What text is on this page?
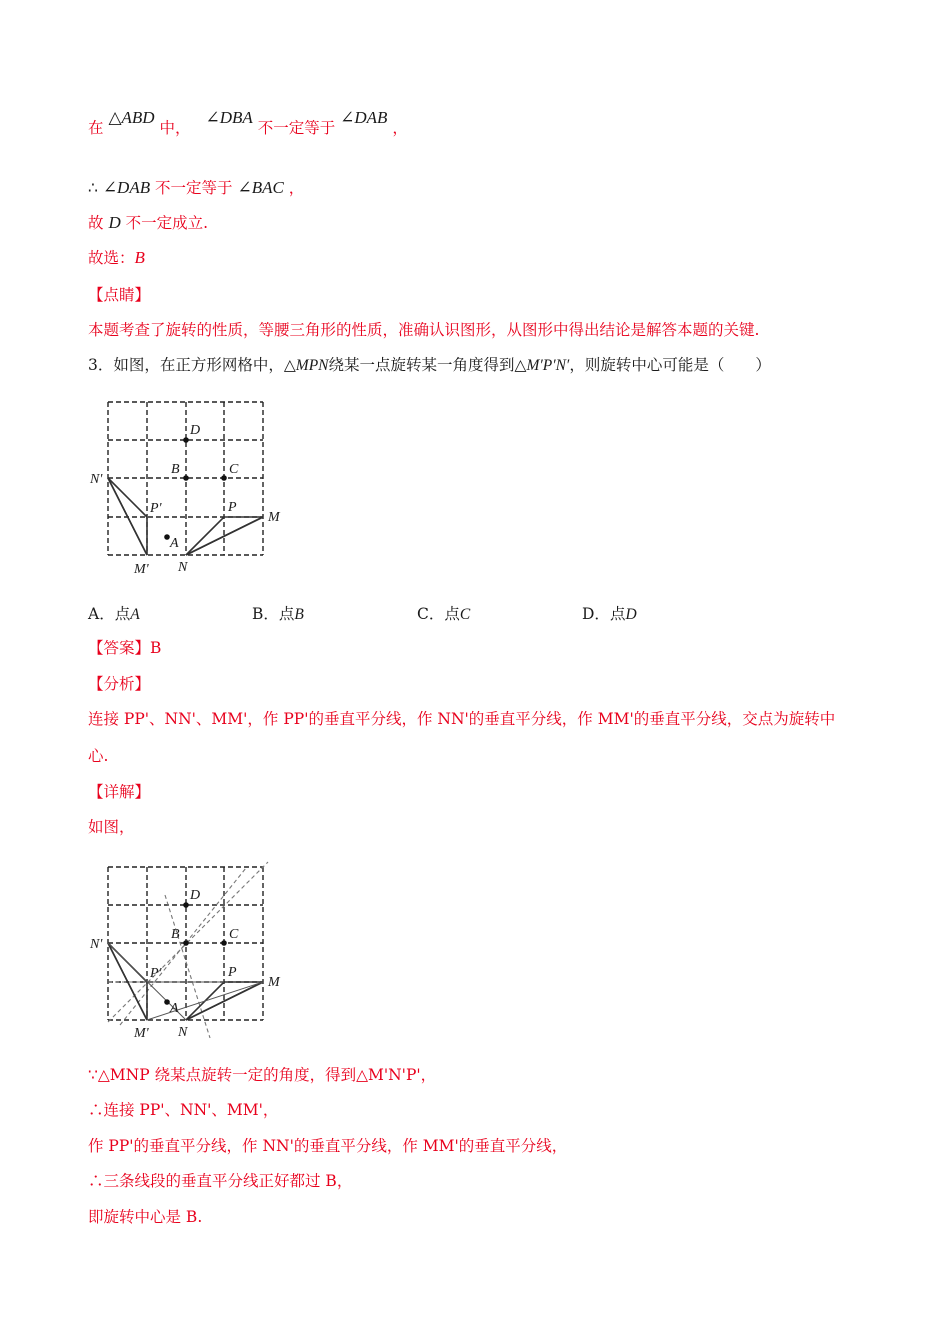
在 △ABD 中， ∠DBA 不一定等于 ∠DAB ，
∴ ∠DAB 不一定等于 ∠BAC ，
故 D 不一定成立.
故选：B
【点睛】
本题考查了旋转的性质，等腰三角形的性质，准确认识图形，从图形中得出结论是解答本题的关键.
3．如图，在正方形网格中，△MPN绕某一点旋转某一角度得到△M′P′N′，则旋转中心可能是（　　）
D
B	C
N'
P'	P
M
A
M' N
A．点A	B．点B	C．点C	D．点D
【答案】B
【分析】
连接 PP'、NN'、MM'，作 PP'的垂直平分线，作 NN'的垂直平分线，作 MM'的垂直平分线，交点为旋转中
心.
【详解】
如图，
D
B	C
N'
P'	P
M
A
M' N
∵△MNP 绕某点旋转一定的角度，得到△M'N'P'，
∴连接 PP'、NN'、MM'，
作 PP'的垂直平分线，作 NN'的垂直平分线，作 MM'的垂直平分线，
∴三条线段的垂直平分线正好都过 B，
即旋转中心是 B.
